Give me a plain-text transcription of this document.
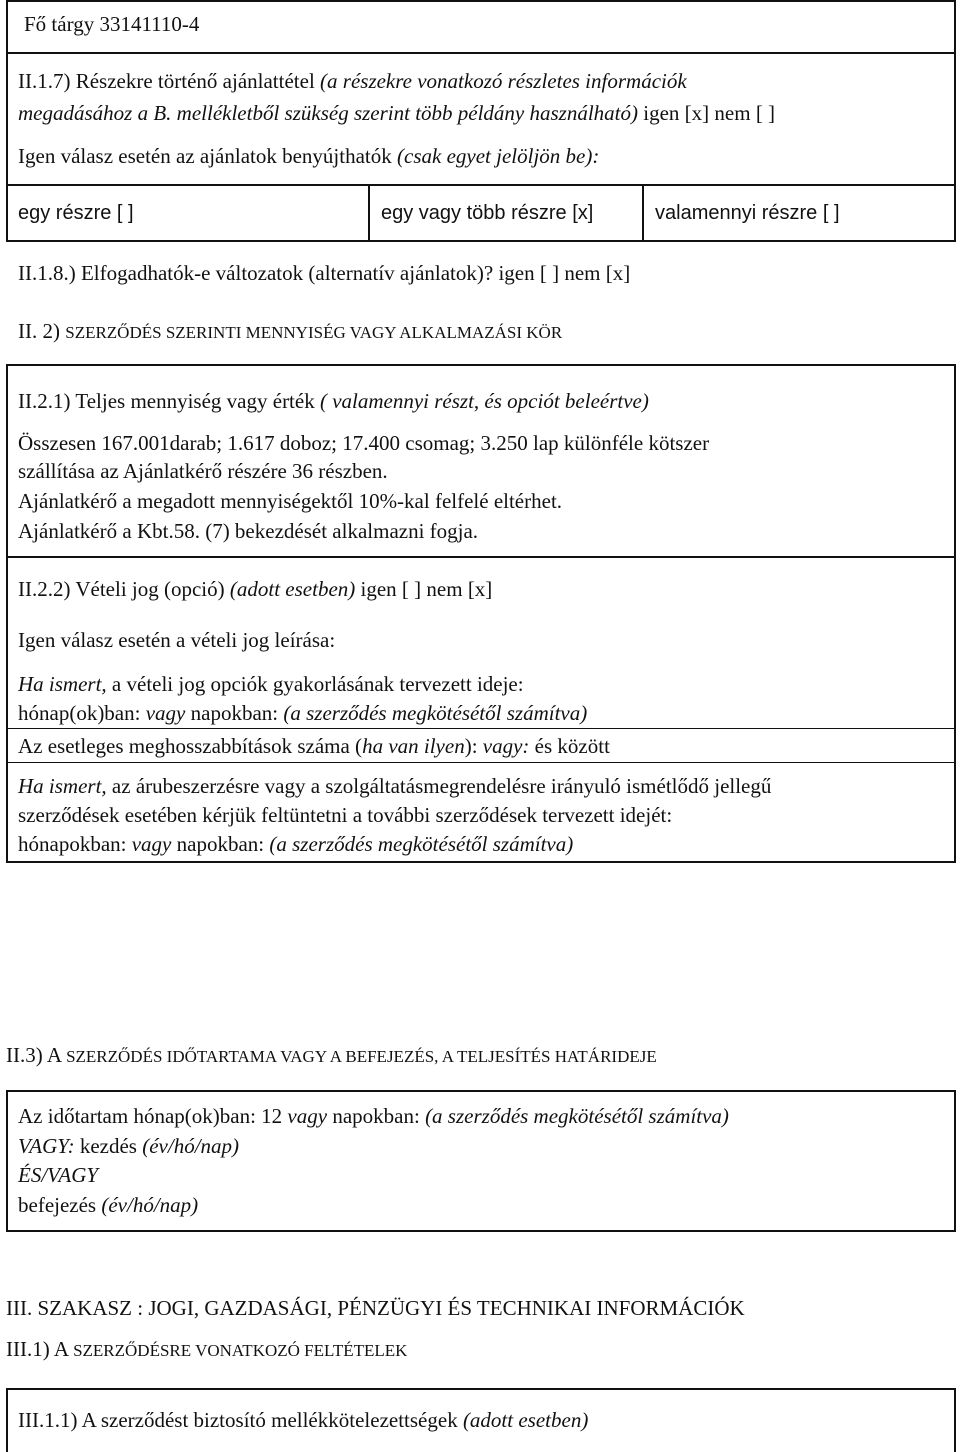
Fő tárgy 33141110-4
II.1.7) Részekre történő ajánlattétel (a részekre vonatkozó részletes információk
megadásához a B. mellékletből szükség szerint több példány használható) igen [x] nem [ ]
Igen válasz esetén az ajánlatok benyújthatók (csak egyet jelöljön be):
egy részre [ ]	egy vagy több részre [x]	valamennyi részre [ ]
II.1.8.) Elfogadhatók-e változatok (alternatív ajánlatok)? igen [ ] nem [x]
II. 2) SZERZŐDÉS SZERINTI MENNYISÉG VAGY ALKALMAZÁSI KÖR
II.2.1) Teljes mennyiség vagy érték ( valamennyi részt, és opciót beleértve)
Összesen 167.001darab; 1.617 doboz; 17.400 csomag; 3.250 lap különféle kötszer
szállítása az Ajánlatkérő részére 36 részben.
Ajánlatkérő a megadott mennyiségektől 10%-kal felfelé eltérhet.
Ajánlatkérő a Kbt.58. (7) bekezdését alkalmazni fogja.
II.2.2) Vételi jog (opció) (adott esetben) igen [ ] nem [x]
Igen válasz esetén a vételi jog leírása:
Ha ismert, a vételi jog opciók gyakorlásának tervezett ideje:
hónap(ok)ban: vagy napokban: (a szerződés megkötésétől számítva)
Az esetleges meghosszabbítások száma (ha van ilyen): vagy: és között
Ha ismert, az árubeszerzésre vagy a szolgáltatásmegrendelésre irányuló ismétlődő jellegű
szerződések esetében kérjük feltüntetni a további szerződések tervezett idejét:
hónapokban: vagy napokban: (a szerződés megkötésétől számítva)
II.3) A SZERZŐDÉS IDŐTARTAMA VAGY A BEFEJEZÉS, A TELJESÍTÉS HATÁRIDEJE
Az időtartam hónap(ok)ban: 12 vagy napokban: (a szerződés megkötésétől számítva)
VAGY: kezdés (év/hó/nap)
ÉS/VAGY
befejezés (év/hó/nap)
III. SZAKASZ : JOGI, GAZDASÁGI, PÉNZÜGYI ÉS TECHNIKAI INFORMÁCIÓK
III.1) A SZERZŐDÉSRE VONATKOZÓ FELTÉTELEK
III.1.1) A szerződést biztosító mellékkötelezettségek (adott esetben)
